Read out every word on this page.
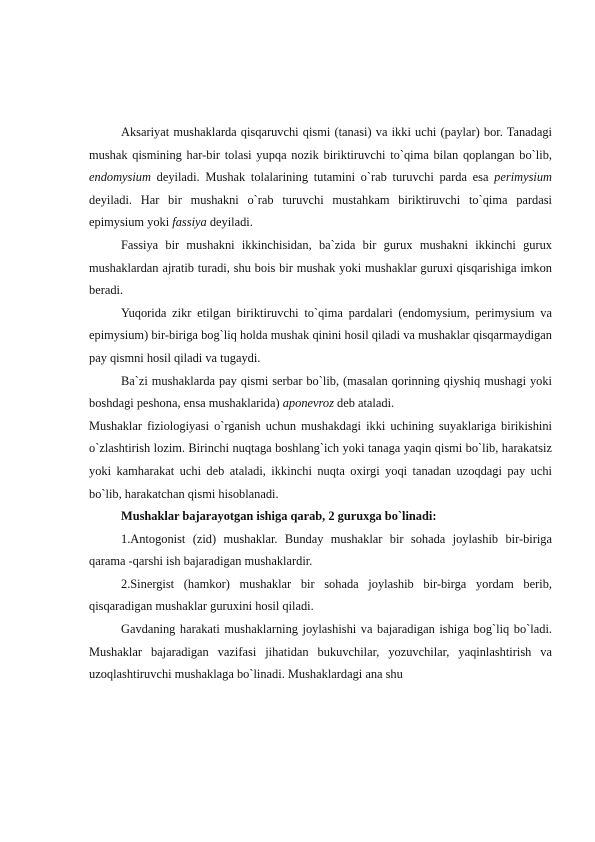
Aksariyat mushaklarda qisqaruvchi qismi (tanasi) va ikki uchi (paylar) bor. Tanadagi mushak qismining har-bir tolasi yupqa nozik biriktiruvchi to`qima bilan qoplangan bo`lib, endomysium deyiladi. Mushak tolalarining tutamini o`rab turuvchi parda esa perimysium deyiladi. Har bir mushakni o`rab turuvchi mustahkam biriktiruvchi to`qima pardasi epimysium yoki fassiya deyiladi.

Fassiya bir mushakni ikkinchisidan, ba`zida bir gurux mushakni ikkinchi gurux mushaklardan ajratib turadi, shu bois bir mushak yoki mushaklar guruxi qisqarishiga imkon beradi.

Yuqorida zikr etilgan biriktiruvchi to`qima pardalari (endomysium, perimysium va epimysium) bir-biriga bog`liq holda mushak qinini hosil qiladi va mushaklar qisqarmaydigan pay qismni hosil qiladi va tugaydi.

Ba`zi mushaklarda pay qismi serbar bo`lib, (masalan qorinning qiyshiq mushagi yoki boshdagi peshona, ensa mushaklarida) aponevroz deb ataladi.

Mushaklar fiziologiyasi o`rganish uchun mushakdagi ikki uchining suyaklariga birikishini o`zlashtirish lozim. Birinchi nuqtaga boshlang`ich yoki tanaga yaqin qismi bo`lib, harakatsiz yoki kamharakat uchi deb ataladi, ikkinchi nuqta oxirgi yoqi tanadan uzoqdagi pay uchi bo`lib, harakatchan qismi hisoblanadi.

Mushaklar bajarayotgan ishiga qarab, 2 guruxga bo`linadi:

1.Antogonist (zid) mushaklar. Bunday mushaklar bir sohada joylashib bir-biriga qarama -qarshi ish bajaradigan mushaklardir.

2.Sinergist (hamkor) mushaklar bir sohada joylashib bir-birga yordam berib, qisqaradigan mushaklar guruxini hosil qiladi.

Gavdaning harakati mushaklarning joylashishi va bajaradigan ishiga bog`liq bo`ladi. Mushaklar bajaradigan vazifasi jihatidan bukuvchilar, yozuvchilar, yaqinlashtirish va uzoqlashtiruvchi mushaklaga bo`linadi. Mushaklardagi ana shu
